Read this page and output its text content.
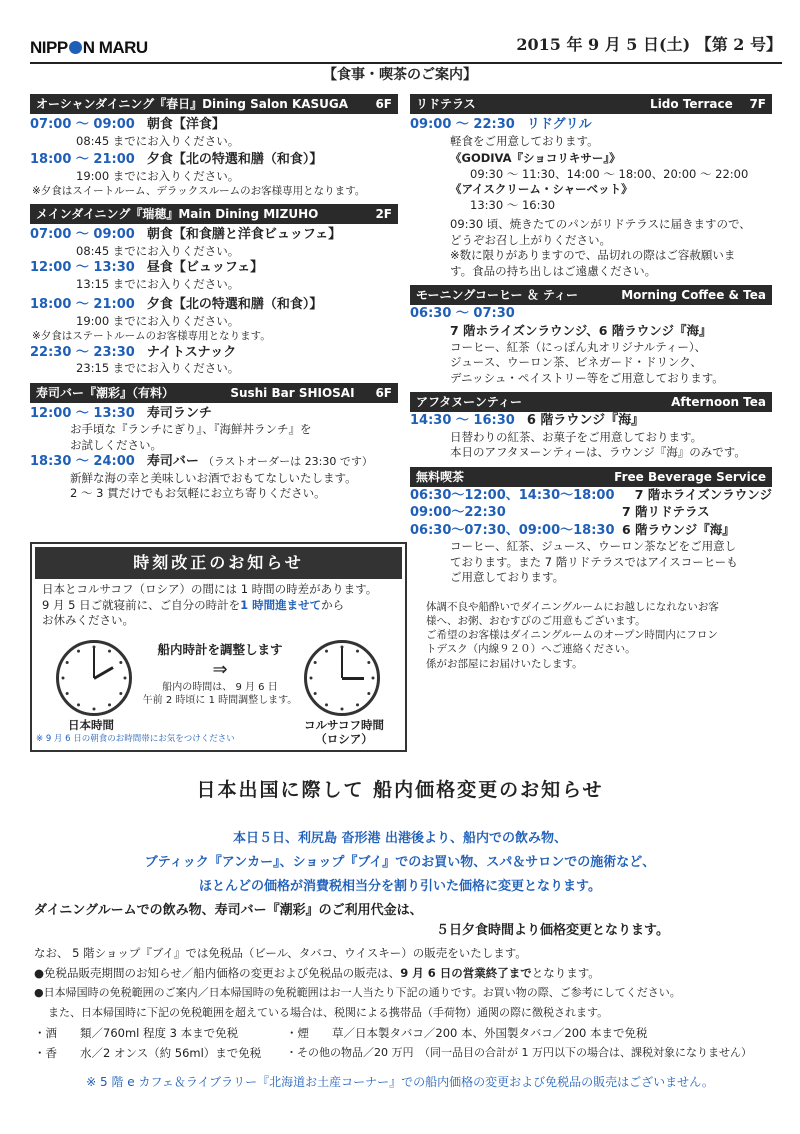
NIPP N MARU	2015 年 9 月 5 日(土) 【第 2 号】
【食事・喫茶のご案内】
オーシャンダイニング『春日』Dining Salon KASUGA 6F
07:00 ～ 09:00 朝食【洋食】
08:45 までにお入りください。
18:00 ～ 21:00 夕食【北の特選和膳（和食）】
19:00 までにお入りください。
※夕食はスイートルーム、デラックスルームのお客様専用となります。
メインダイニング『瑞穂』Main Dining MIZUHO	2F
07:00 ～ 09:00 朝食【和食膳と洋食ビュッフェ】
08:45 までにお入りください。
12:00 ～ 13:30 昼食【ビュッフェ】
13:15 までにお入りください。
18:00 ～ 21:00 夕食【北の特選和膳（和食）】
19:00 までにお入りください。
※夕食はステートルームのお客様専用となります。
22:30 ～ 23:30 ナイトスナック
23:15 までにお入りください。
寿司バー『潮彩』（有料）	Sushi Bar SHIOSAI 6F
12:00 ～ 13:30 寿司ランチ
お手頃な『ランチにぎり』、『海鮮丼ランチ』を
お試しください。
18:30 ～ 24:00 寿司バー （ラストオーダーは 23:30 です）
新鮮な海の幸と美味しいお酒でおもてなしいたします。
2 ～ 3 貫だけでもお気軽にお立ち寄りください。
時刻改正のお知らせ
日本とコルサコフ（ロシア）の間には 1 時間の時差があります。
9 月 5 日ご就寝前に、ご自分の時計を1 時間進ませてから
お休みください。
船内時計を調整します
⇒
船内の時間は、 9 月 6 日
午前 2 時頃に 1 時間調整します。
日本時間	コルサコフ時間
（ロシア）
※ 9 月 6 日の朝食のお時間帯にお気をつけください
リドテラス	Lido Terrace 7F
09:00 ～ 22:30 リドグリル
軽食をご用意しております。
《GODIVA『ショコリキサー』》
09:30 ～ 11:30、14:00 ～ 18:00、20:00 ～ 22:00
《アイスクリーム・シャーベット》
13:30 ～ 16:30
09:30 頃、焼きたてのパンがリドテラスに届きますので、
どうぞお召し上がりください。
※数に限りがありますので、品切れの際はご容赦願いま
す。食品の持ち出しはご遠慮ください。
モーニングコーヒー ＆ ティー	Morning Coffee & Tea
06:30 ～ 07:30
7 階ホライズンラウンジ、6 階ラウンジ『海』
コーヒー、紅茶（にっぽん丸オリジナルティー）、
ジュース、ウーロン茶、ビネガード・ドリンク、
デニッシュ・ペイストリー等をご用意しております。
アフタヌーンティー	Afternoon Tea
14:30 ～ 16:30 6 階ラウンジ『海』
日替わりの紅茶、お菓子をご用意しております。
本日のアフタヌーンティーは、ラウンジ『海』のみです。
無料喫茶	Free Beverage Service
06:30～12:00、14:30～18:00 7 階ホライズンラウンジ
09:00～22:30	7 階リドテラス
06:30～07:30、09:00～18:30 6 階ラウンジ『海』
コーヒー、紅茶、ジュース、ウーロン茶などをご用意し
ております。また 7 階リドテラスではアイスコーヒーも
ご用意しております。
体調不良や船酔いでダイニングルームにお越しになれないお客
様へ、お粥、おむすびのご用意もございます。
ご希望のお客様はダイニングルームのオープン時間内にフロン
トデスク（内線９２０）へご連絡ください。
係がお部屋にお届けいたします。
日本出国に際して 船内価格変更のお知らせ
本日５日、利尻島 沓形港 出港後より、船内での飲み物、
ブティック『アンカー』、ショップ『ブイ』でのお買い物、スパ＆サロンでの施術など、
ほとんどの価格が消費税相当分を割り引いた価格に変更となります。
ダイニングルームでの飲み物、寿司バー『潮彩』のご利用代金は、
５日夕食時間より価格変更となります。
なお、 5 階ショップ『ブイ』では免税品（ビール、タバコ、ウイスキー）の販売をいたします。
●免税品販売期間のお知らせ／船内価格の変更および免税品の販売は、9 月 6 日の営業終了までとなります。
●日本帰国時の免税範囲のご案内／日本帰国時の免税範囲はお一人当たり下記の通りです。お買い物の際、ご参考にしてください。
また、日本帰国時に下記の免税範囲を超えている場合は、税関による携帯品（手荷物）通関の際に徴税されます。
・酒　　類／760ml 程度 3 本まで免税	・煙　　草／日本製タバコ／200 本、外国製タバコ／200 本まで免税
・香　　水／2 オンス（約 56ml）まで免税 ・その他の物品／20 万円　（同一品目の合計が 1 万円以下の場合は、課税対象になりません）
※ 5 階 e カフェ＆ライブラリー『北海道お土産コーナー』での船内価格の変更および免税品の販売はございません。
